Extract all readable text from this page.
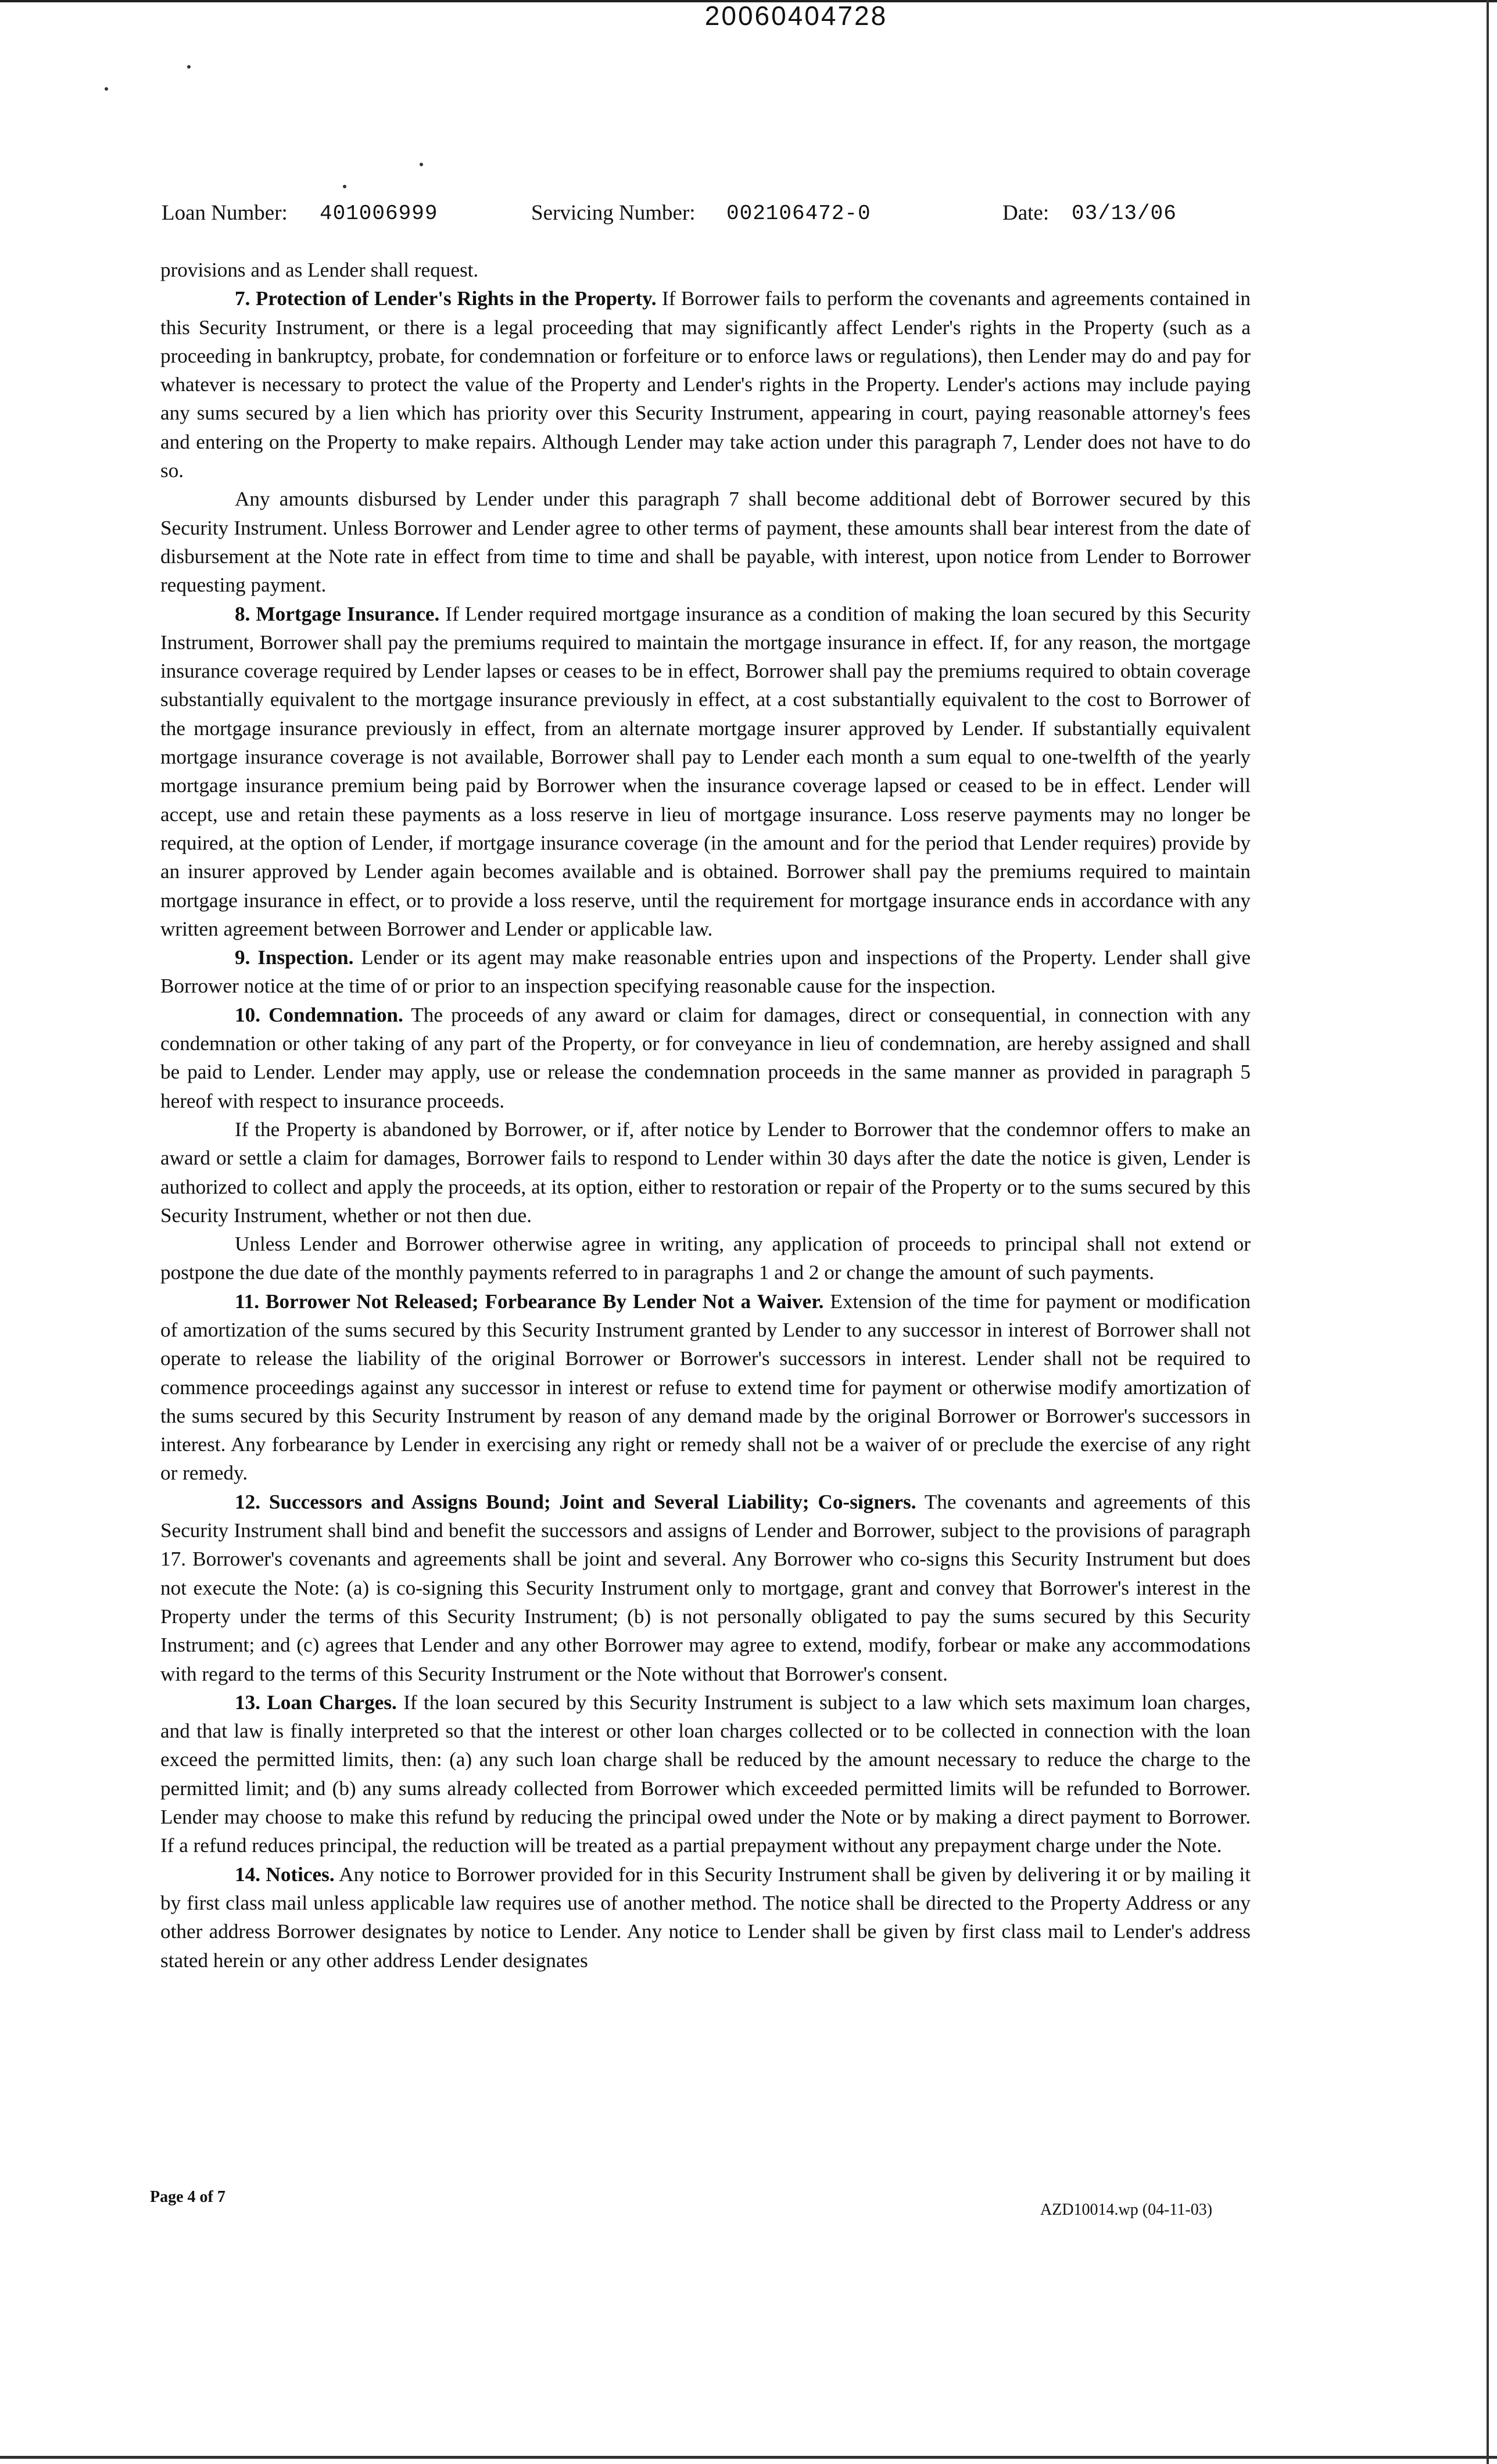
20060404728
Loan Number: 401006999	Servicing Number: 002106472-0	Date: 03/13/06

provisions and as Lender shall request.

7. Protection of Lender's Rights in the Property. If Borrower fails to perform the covenants and agreements contained in this Security Instrument, or there is a legal proceeding that may significantly affect Lender's rights in the Property (such as a proceeding in bankruptcy, probate, for condemnation or forfeiture or to enforce laws or regulations), then Lender may do and pay for whatever is necessary to protect the value of the Property and Lender's rights in the Property. Lender's actions may include paying any sums secured by a lien which has priority over this Security Instrument, appearing in court, paying reasonable attorney's fees and entering on the Property to make repairs. Although Lender may take action under this paragraph 7, Lender does not have to do so.

Any amounts disbursed by Lender under this paragraph 7 shall become additional debt of Borrower secured by this Security Instrument. Unless Borrower and Lender agree to other terms of payment, these amounts shall bear interest from the date of disbursement at the Note rate in effect from time to time and shall be payable, with interest, upon notice from Lender to Borrower requesting payment.

8. Mortgage Insurance. If Lender required mortgage insurance as a condition of making the loan secured by this Security Instrument, Borrower shall pay the premiums required to maintain the mortgage insurance in effect. If, for any reason, the mortgage insurance coverage required by Lender lapses or ceases to be in effect, Borrower shall pay the premiums required to obtain coverage substantially equivalent to the mortgage insurance previously in effect, at a cost substantially equivalent to the cost to Borrower of the mortgage insurance previously in effect, from an alternate mortgage insurer approved by Lender. If substantially equivalent mortgage insurance coverage is not available, Borrower shall pay to Lender each month a sum equal to one-twelfth of the yearly mortgage insurance premium being paid by Borrower when the insurance coverage lapsed or ceased to be in effect. Lender will accept, use and retain these payments as a loss reserve in lieu of mortgage insurance. Loss reserve payments may no longer be required, at the option of Lender, if mortgage insurance coverage (in the amount and for the period that Lender requires) provide by an insurer approved by Lender again becomes available and is obtained. Borrower shall pay the premiums required to maintain mortgage insurance in effect, or to provide a loss reserve, until the requirement for mortgage insurance ends in accordance with any written agreement between Borrower and Lender or applicable law.

9. Inspection. Lender or its agent may make reasonable entries upon and inspections of the Property. Lender shall give Borrower notice at the time of or prior to an inspection specifying reasonable cause for the inspection.

10. Condemnation. The proceeds of any award or claim for damages, direct or consequential, in connection with any condemnation or other taking of any part of the Property, or for conveyance in lieu of condemnation, are hereby assigned and shall be paid to Lender. Lender may apply, use or release the condemnation proceeds in the same manner as provided in paragraph 5 hereof with respect to insurance proceeds.

If the Property is abandoned by Borrower, or if, after notice by Lender to Borrower that the condemnor offers to make an award or settle a claim for damages, Borrower fails to respond to Lender within 30 days after the date the notice is given, Lender is authorized to collect and apply the proceeds, at its option, either to restoration or repair of the Property or to the sums secured by this Security Instrument, whether or not then due.

Unless Lender and Borrower otherwise agree in writing, any application of proceeds to principal shall not extend or postpone the due date of the monthly payments referred to in paragraphs 1 and 2 or change the amount of such payments.

11. Borrower Not Released; Forbearance By Lender Not a Waiver. Extension of the time for payment or modification of amortization of the sums secured by this Security Instrument granted by Lender to any successor in interest of Borrower shall not operate to release the liability of the original Borrower or Borrower's successors in interest. Lender shall not be required to commence proceedings against any successor in interest or refuse to extend time for payment or otherwise modify amortization of the sums secured by this Security Instrument by reason of any demand made by the original Borrower or Borrower's successors in interest. Any forbearance by Lender in exercising any right or remedy shall not be a waiver of or preclude the exercise of any right or remedy.

12. Successors and Assigns Bound; Joint and Several Liability; Co-signers. The covenants and agreements of this Security Instrument shall bind and benefit the successors and assigns of Lender and Borrower, subject to the provisions of paragraph 17. Borrower's covenants and agreements shall be joint and several. Any Borrower who co-signs this Security Instrument but does not execute the Note: (a) is co-signing this Security Instrument only to mortgage, grant and convey that Borrower's interest in the Property under the terms of this Security Instrument; (b) is not personally obligated to pay the sums secured by this Security Instrument; and (c) agrees that Lender and any other Borrower may agree to extend, modify, forbear or make any accommodations with regard to the terms of this Security Instrument or the Note without that Borrower's consent.

13. Loan Charges. If the loan secured by this Security Instrument is subject to a law which sets maximum loan charges, and that law is finally interpreted so that the interest or other loan charges collected or to be collected in connection with the loan exceed the permitted limits, then: (a) any such loan charge shall be reduced by the amount necessary to reduce the charge to the permitted limit; and (b) any sums already collected from Borrower which exceeded permitted limits will be refunded to Borrower. Lender may choose to make this refund by reducing the principal owed under the Note or by making a direct payment to Borrower. If a refund reduces principal, the reduction will be treated as a partial prepayment without any prepayment charge under the Note.

14. Notices. Any notice to Borrower provided for in this Security Instrument shall be given by delivering it or by mailing it by first class mail unless applicable law requires use of another method. The notice shall be directed to the Property Address or any other address Borrower designates by notice to Lender. Any notice to Lender shall be given by first class mail to Lender's address stated herein or any other address Lender designates

Page 4 of 7
AZD10014.wp (04-11-03)
